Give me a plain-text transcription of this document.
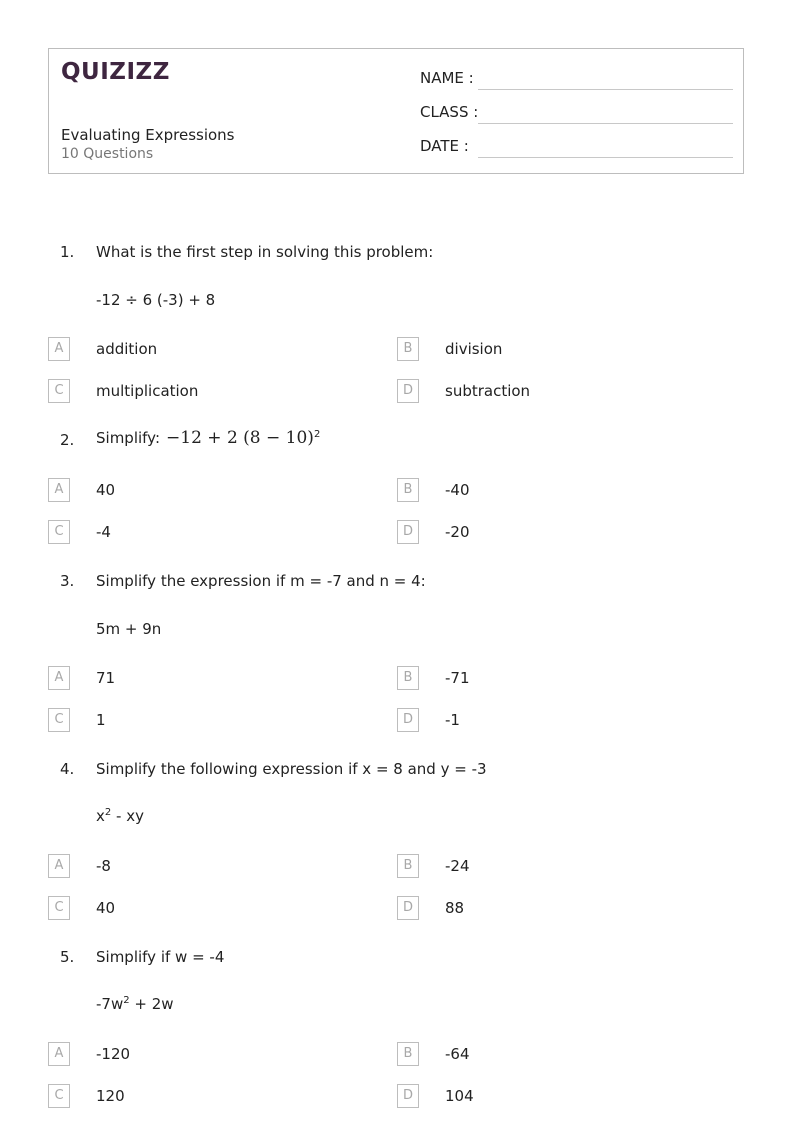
QUIZIZZ
Evaluating Expressions
10 Questions
NAME :
CLASS :
DATE :
1. What is the first step in solving this problem:
-12 ÷ 6 (-3) + 8
A	addition	B	division
C	multiplication	D	subtraction
2. Simplify: −12 + 2 $(8 - 10)^2$
A	40	B	-40
C	-4	D	-20
3. Simplify the expression if m = -7 and n = 4:
5m + 9n
A	71	B	-71
C	1	D	-1
4. Simplify the following expression if x = 8 and y = -3
$x^2$ - xy
A	-8	B	-24
C	40	D	88
5. Simplify if w = -4
$-7w^2 + 2w$
A	-120	B	-64
C	120	D	104
